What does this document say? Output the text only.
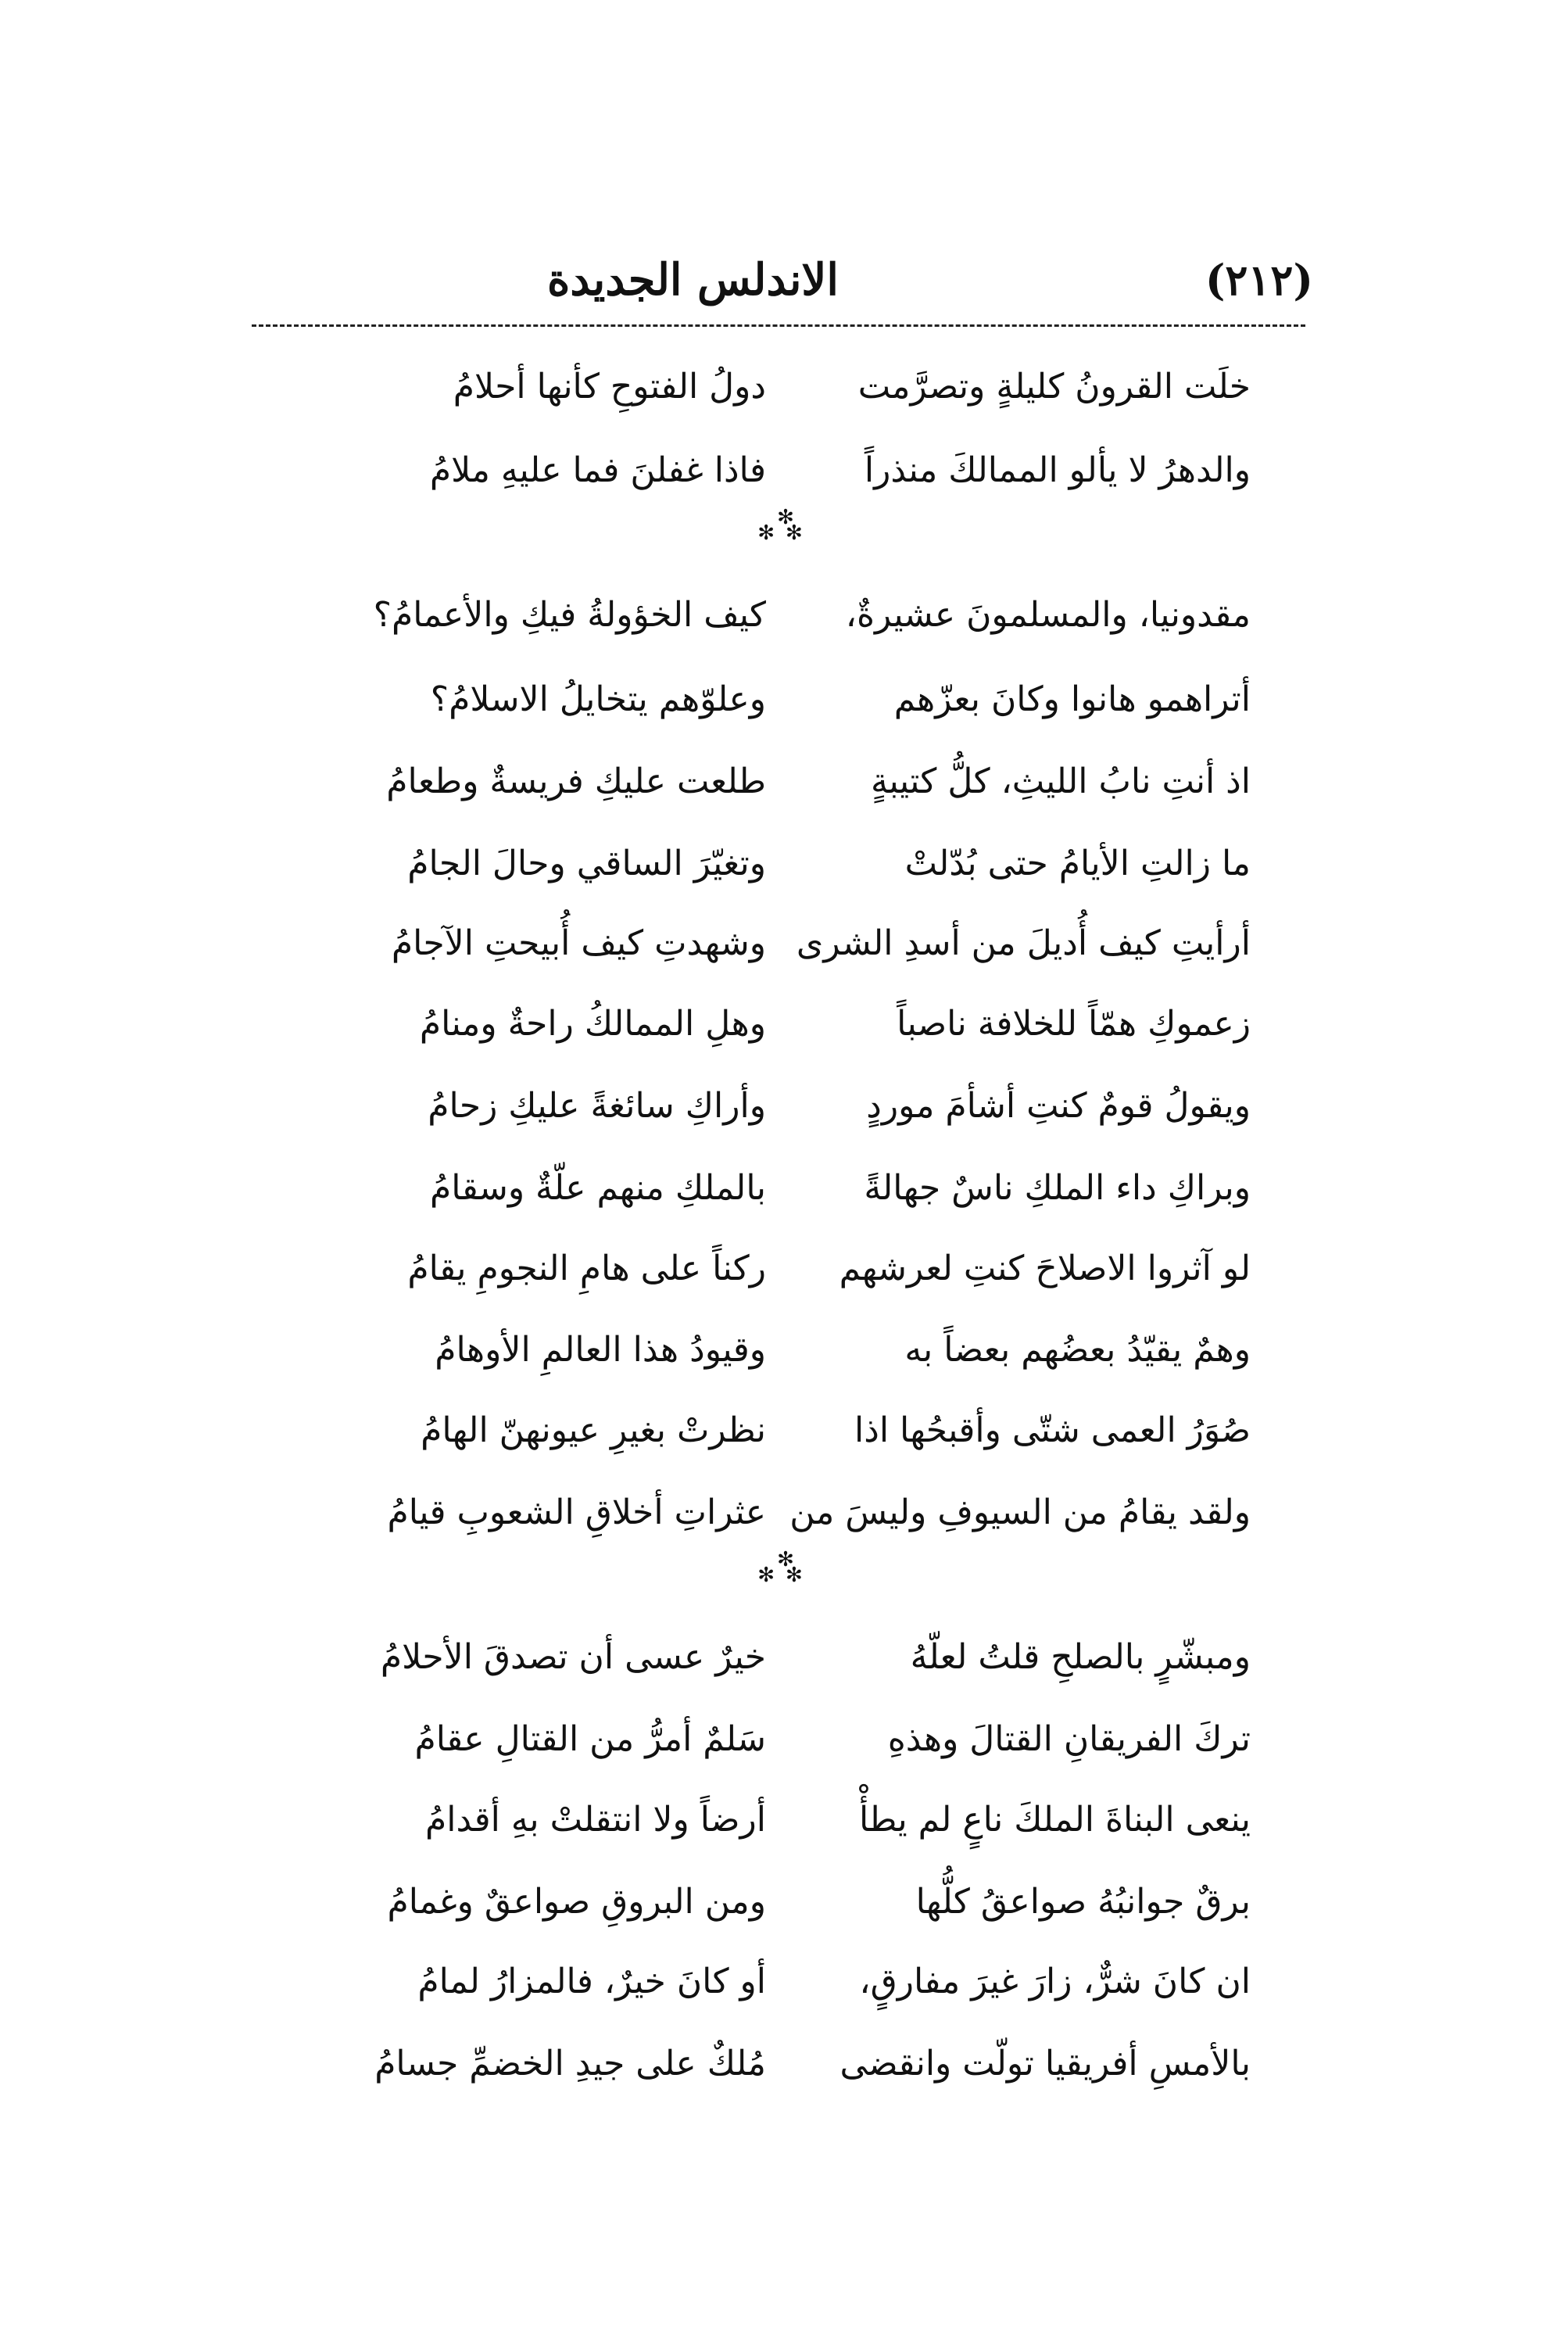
(٢١٢)
الاندلس الجديدة
خلَت القرونُ كليلةٍ وتصرَّمت
دولُ الفتوحِ كأنها أحلامُ
والدهرُ لا يألو الممالكَ منذراً
فاذا غفلنَ فما عليهِ ملامُ
✻
✻✻
مقدونيا، والمسلمونَ عشيرةٌ،
كيف الخؤولةُ فيكِ والأعمامُ؟
أتراهمو هانوا وكانَ بعزّهم
وعلوّهم يتخايلُ الاسلامُ؟
اذ أنتِ نابُ الليثِ، كلُّ كتيبةٍ
طلعت عليكِ فريسةٌ وطعامُ
ما زالتِ الأيامُ حتى بُدّلتْ
وتغيّرَ الساقي وحالَ الجامُ
أرأيتِ كيف أُديلَ من أسدِ الشرى
وشهدتِ كيف أُبيحتِ الآجامُ
زعموكِ همّاً للخلافة ناصباً
وهلِ الممالكُ راحةٌ ومنامُ
ويقولُ قومٌ كنتِ أشأمَ موردٍ
وأراكِ سائغةً عليكِ زحامُ
وبراكِ داء الملكِ ناسٌ جهالةً
بالملكِ منهم علّةٌ وسقامُ
لو آثروا الاصلاحَ كنتِ لعرشهم
ركناً على هامِ النجومِ يقامُ
وهمٌ يقيّدُ بعضُهم بعضاً به
وقيودُ هذا العالمِ الأوهامُ
صُوَرُ العمى شتّى وأقبحُها اذا
نظرتْ بغيرِ عيونهنّ الهامُ
ولقد يقامُ من السيوفِ وليسَ من
عثراتِ أخلاقِ الشعوبِ قيامُ
✻
✻✻
ومبشّرٍ بالصلحِ قلتُ لعلّهُ
خيرٌ عسى أن تصدقَ الأحلامُ
تركَ الفريقانِ القتالَ وهذهِ
سَلمٌ أمرُّ من القتالِ عقامُ
ينعى البناةَ الملكَ ناعٍ لم يطأْ
أرضاً ولا انتقلتْ بهِ أقدامُ
برقٌ جوانبُهُ صواعقُ كلُّها
ومن البروقِ صواعقٌ وغمامُ
ان كانَ شرٌّ، زارَ غيرَ مفارقٍ،
أو كانَ خيرٌ، فالمزارُ لمامُ
بالأمسِ أفريقيا تولّت وانقضى
مُلكٌ على جيدِ الخضمِّ جسامُ
